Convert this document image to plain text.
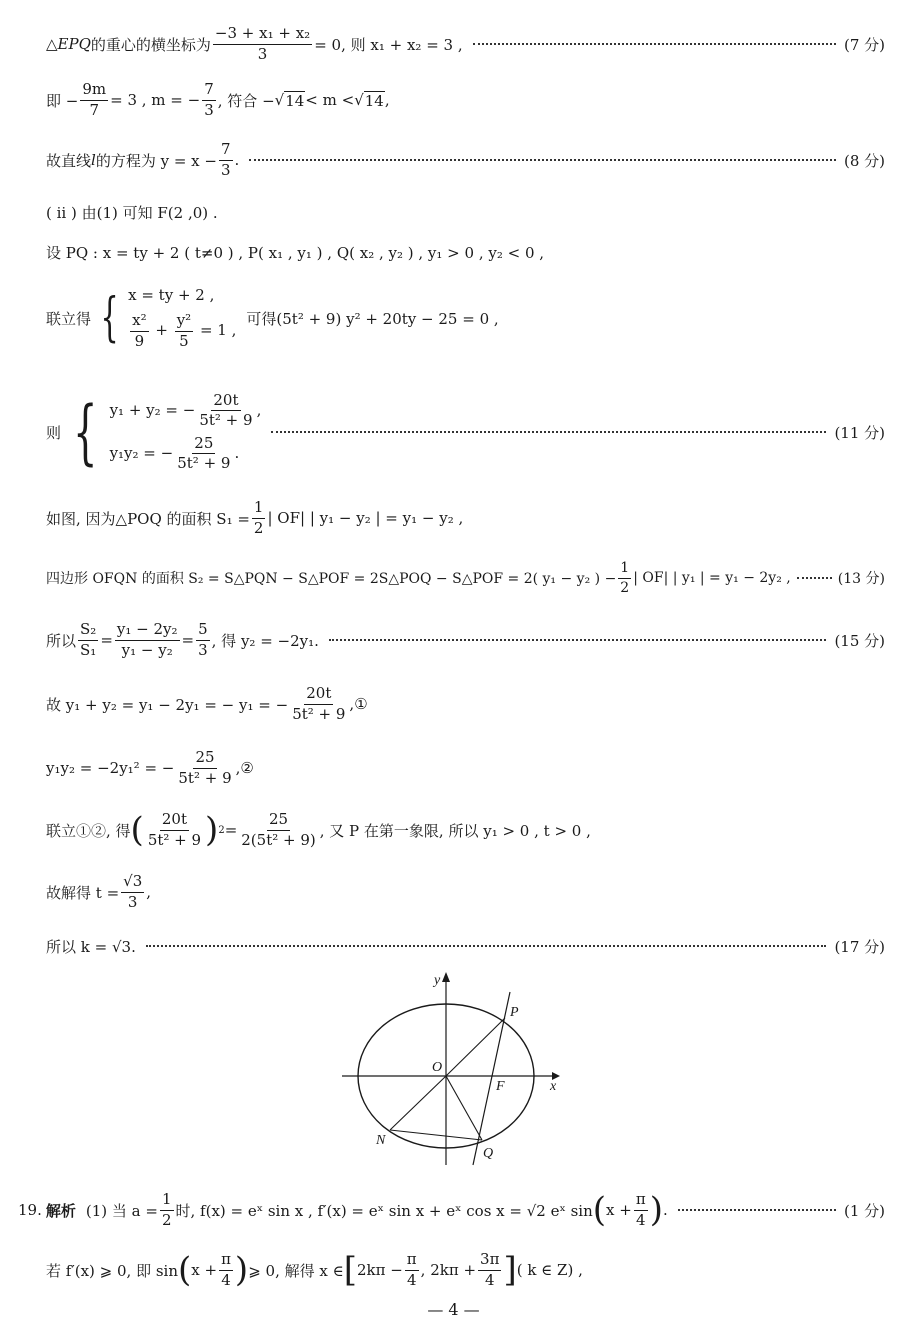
△ EPQ 的重心的横坐标为 $\frac{\text{−3 + x₁ + x₂}}{3} = 0$, 则 x₁ + x₂ = 3 ,	(7 分)
即 − $\frac{9m}{7} = 3$ , m = − $\frac{7}{3}$ , 符合 − √ 14 < m < √ 14 ,
故直线 l 的方程为 $y = x - \frac{7}{3}$ .	(8 分)
( ⅱ ) 由(1) 可知 F(2 ,0) .
设 PQ : x = ty + 2 ( t≠0 ) , P( x₁ , y₁ ) , Q( x₂ , y₂ ) , y₁ > 0 , y₂ < 0 ,
联立得 { x = ty + 2 ,
$\frac{\text{x²}}{9} + \frac{\text{y²}}{5} = 1$ ,
可得(5t² + 9) y² + 20ty − 25 = 0 ,
则 { y₁ + y₂ = − $\frac{20t}{\text{5t² + 9}}$ ,
y₁y₂ = − $\frac{25}{\text{5t² + 9}}$ .
(11 分)
如图, 因为△POQ 的面积 $S_1 = \frac{1}{2}$ | OF| | y₁ − y₂ | = y₁ − y₂ ,
四边形 OFQN 的面积 S₂ = S△PQN − S△POF = 2S△POQ − S△POF = 2( y₁ − y₂ ) − $\frac{1}{2}$ | OF| | y₁ | = y₁ − 2y₂ ,	(13 分)
所以 $\frac{\text{S₂}}{\text{S₁}} = \frac{\text{y₁ − 2y₂}}{\text{y₁ − y₂}} = \frac{5}{3}$ , 得 y₂ = −2y₁.	(15 分)
故 y₁ + y₂ = y₁ − 2y₁ = − y₁ = − $\frac{20t}{\text{5t² + 9}}$ ,①
y₁y₂ = −2y₁² = − $\frac{25}{\text{5t² + 9}}$ ,②
联立①②, 得 ( 20t
5t² + 9 ) $2 = \frac{25}{\text{2(5t² + 9)}}$ , 又 P 在第一象限, 所以 y₁ > 0 , t > 0 ,
故解得 $t = \frac{√3}{3}$ ,
所以 k = √3.	(17 分)
y
x
O
P
F
N
Q
19. 解析 (1) 当 $a = \frac{1}{2}$ 时, f(x) = eˣ sin x , f′(x) = eˣ sin x + eˣ cos x = √2 eˣ sin ( $x + \frac{\pi}{4}$ ) .	(1 分)
若 f′(x) ⩾ 0, 即 sin ( $x + \frac{\pi}{4}$ ) ⩾ 0, 解得 x ∈ [ $2k\pi - \frac{\pi}{4}$ , $2k\pi + \frac{3\pi}{4}$ ] ( k ∈ Z) ,
— 4 —
